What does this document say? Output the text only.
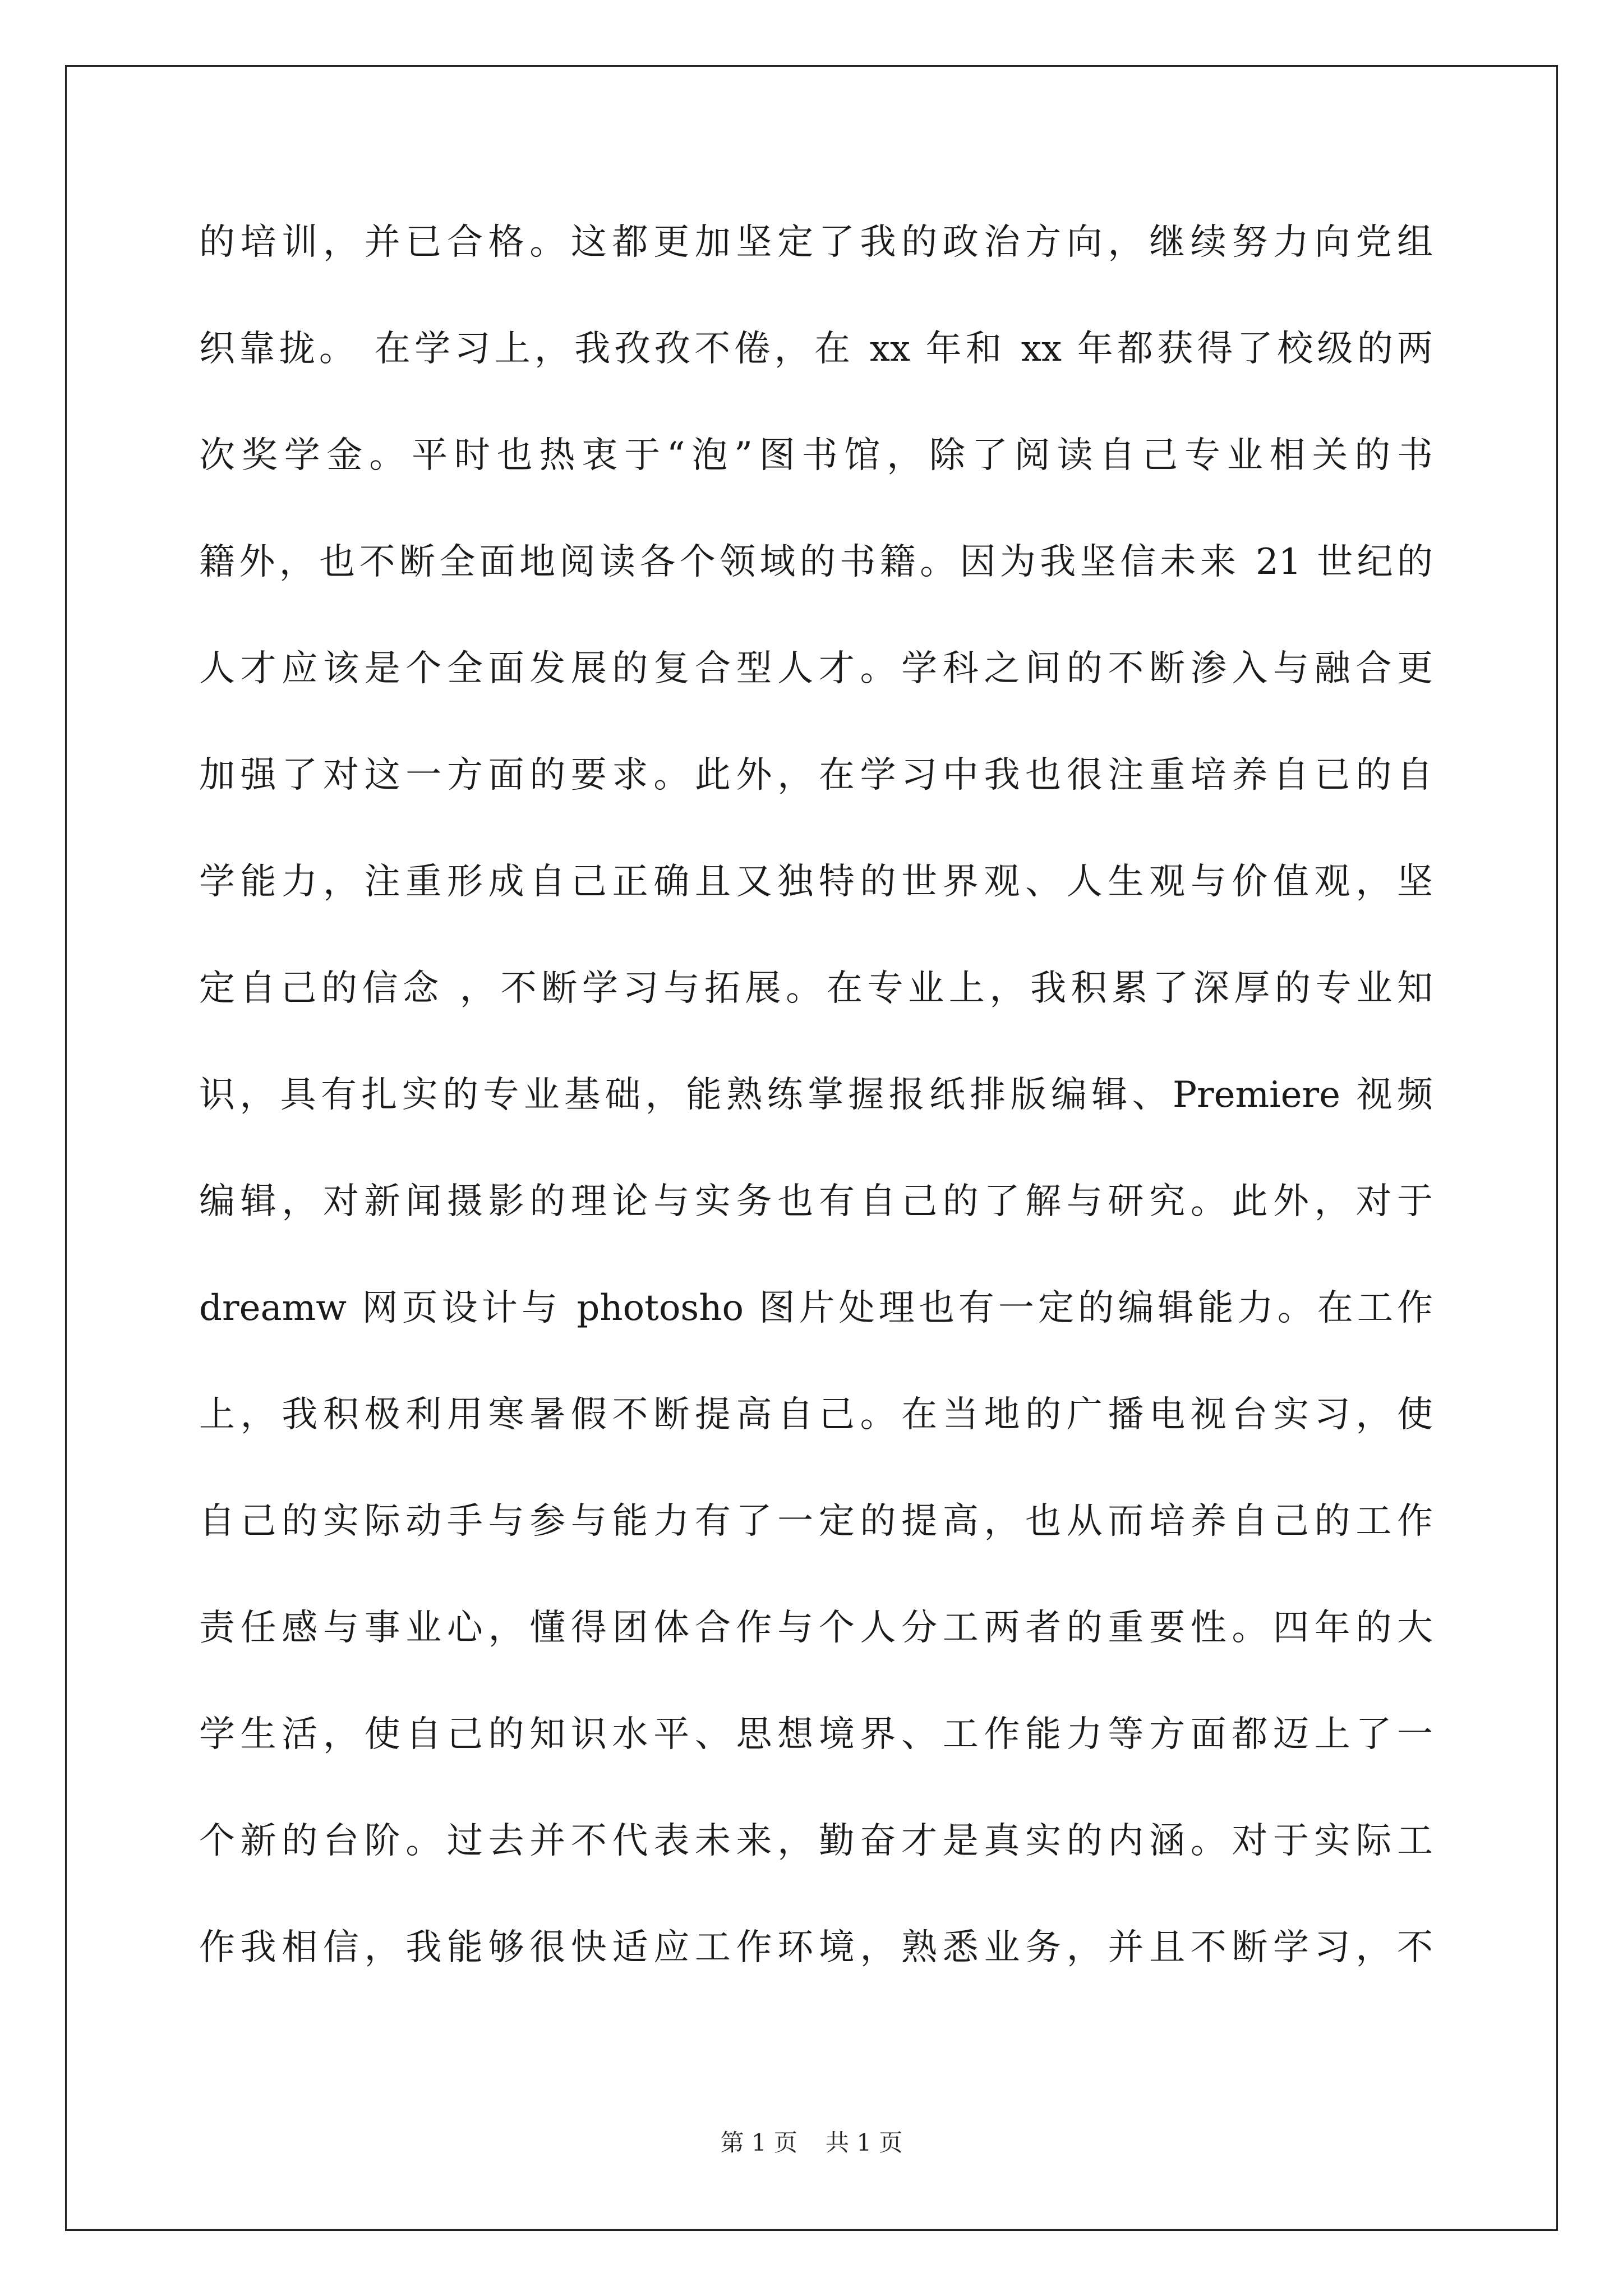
的培训，并已合格。这都更加坚定了我的政治方向，继续努力向党组
织靠拢。 在学习上，我孜孜不倦，在 xx 年和 xx 年都获得了校级的两
次奖学金。平时也热衷于“泡”图书馆，除了阅读自己专业相关的书
籍外，也不断全面地阅读各个领域的书籍。因为我坚信未来 21 世纪的
人才应该是个全面发展的复合型人才。学科之间的不断渗入与融合更
加强了对这一方面的要求。此外，在学习中我也很注重培养自已的自
学能力，注重形成自己正确且又独特的世界观、人生观与价值观，坚
定自己的信念 ，不断学习与拓展。在专业上，我积累了深厚的专业知
识，具有扎实的专业基础，能熟练掌握报纸排版编辑、Premiere 视频
编辑，对新闻摄影的理论与实务也有自己的了解与研究。此外，对于
dreamw 网页设计与 photosho 图片处理也有一定的编辑能力。在工作
上，我积极利用寒暑假不断提高自己。在当地的广播电视台实习，使
自己的实际动手与参与能力有了一定的提高，也从而培养自己的工作
责任感与事业心，懂得团体合作与个人分工两者的重要性。四年的大
学生活，使自己的知识水平、思想境界、工作能力等方面都迈上了一
个新的台阶。过去并不代表未来，勤奋才是真实的内涵。对于实际工
作我相信，我能够很快适应工作环境，熟悉业务，并且不断学习，不
第 1 页 共 1 页
